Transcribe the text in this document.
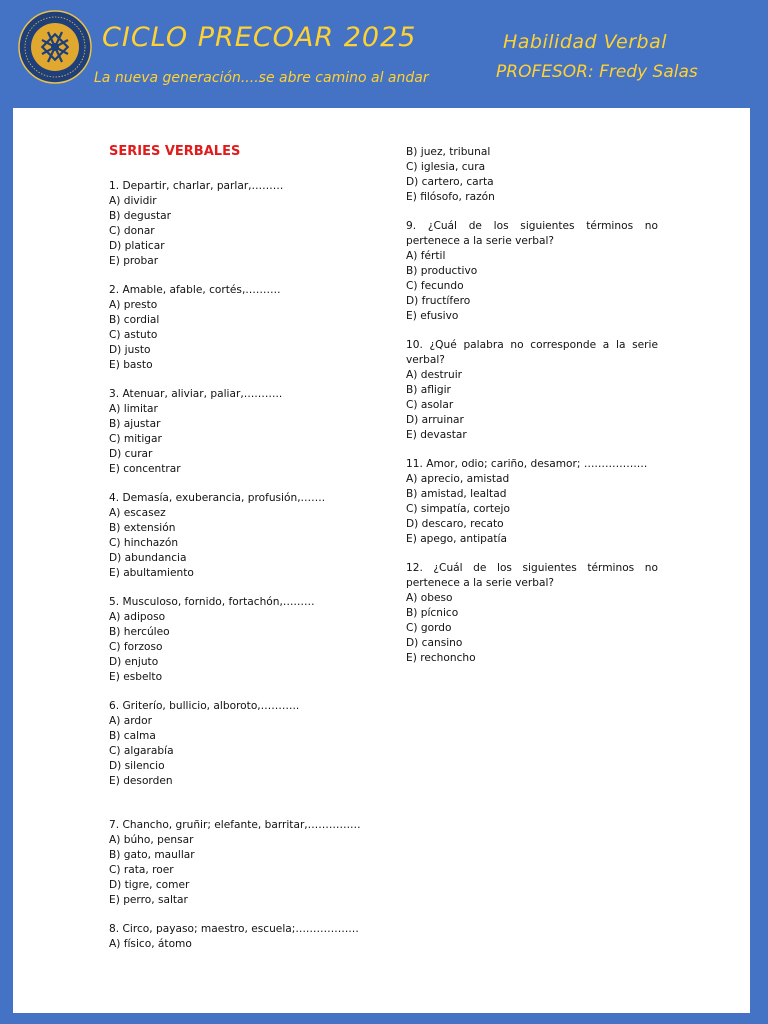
CICLO PRECOAR 2025
La nueva generación....se abre camino al andar
Habilidad Verbal
PROFESOR: Fredy Salas
SERIES VERBALES
1. Departir, charlar, parlar,………
A) dividir
B) degustar
C) donar
D) platicar
E) probar
2. Amable, afable, cortés,……….
A) presto
B) cordial
C) astuto
D) justo
E) basto
3. Atenuar, aliviar, paliar,………..
A) limitar
B) ajustar
C) mitigar
D) curar
E) concentrar
4. Demasía, exuberancia, profusión,…….
A) escasez
B) extensión
C) hinchazón
D) abundancia
E) abultamiento
5. Musculoso, fornido, fortachón,………
A) adiposo
B) hercúleo
C) forzoso
D) enjuto
E) esbelto
6. Griterío, bullicio, alboroto,………..
A) ardor
B) calma
C) algarabía
D) silencio
E) desorden
7. Chancho, gruñir; elefante, barritar,……………
A) búho, pensar
B) gato, maullar
C) rata, roer
D) tigre, comer
E) perro, saltar
8. Circo, payaso; maestro, escuela;………………
A) físico, átomo
B) juez, tribunal
C) iglesia, cura
D) cartero, carta
E) filósofo, razón
9. ¿Cuál de los siguientes términos no pertenece a la serie verbal?
A) fértil
B) productivo
C) fecundo
D) fructífero
E) efusivo
10. ¿Qué palabra no corresponde a la serie verbal?
A) destruir
B) afligir
C) asolar
D) arruinar
E) devastar
11. Amor, odio; cariño, desamor; ………………
A) aprecio, amistad
B) amistad, lealtad
C) simpatía, cortejo
D) descaro, recato
E) apego, antipatía
12. ¿Cuál de los siguientes términos no pertenece a la serie verbal?
A) obeso
B) pícnico
C) gordo
D) cansino
E) rechoncho
